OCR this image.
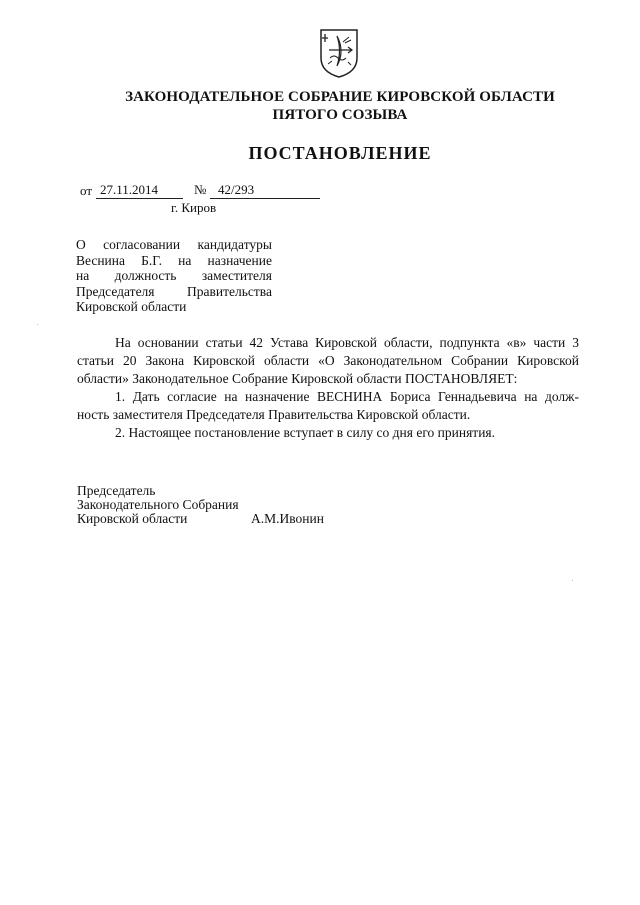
ЗАКОНОДАТЕЛЬНОЕ СОБРАНИЕ КИРОВСКОЙ ОБЛАСТИ
ПЯТОГО СОЗЫВА
ПОСТАНОВЛЕНИЕ
от 27.11.2014	№ 42/293
г. Киров
О согласовании кандидатуры
Веснина Б.Г. на назначение
на должность заместителя
Председателя Правительства
Кировской области
На основании статьи 42 Устава Кировской области, подпункта «в» части 3
статьи 20 Закона Кировской области «О Законодательном Собрании Кировской
области» Законодательное Собрание Кировской области ПОСТАНОВЛЯЕТ:
1. Дать согласие на назначение ВЕСНИНА Бориса Геннадьевича на долж-
ность заместителя Председателя Правительства Кировской области.
2. Настоящее постановление вступает в силу со дня его принятия.
Председатель
Законодательного Собрания
Кировской области	А.М.Ивонин
